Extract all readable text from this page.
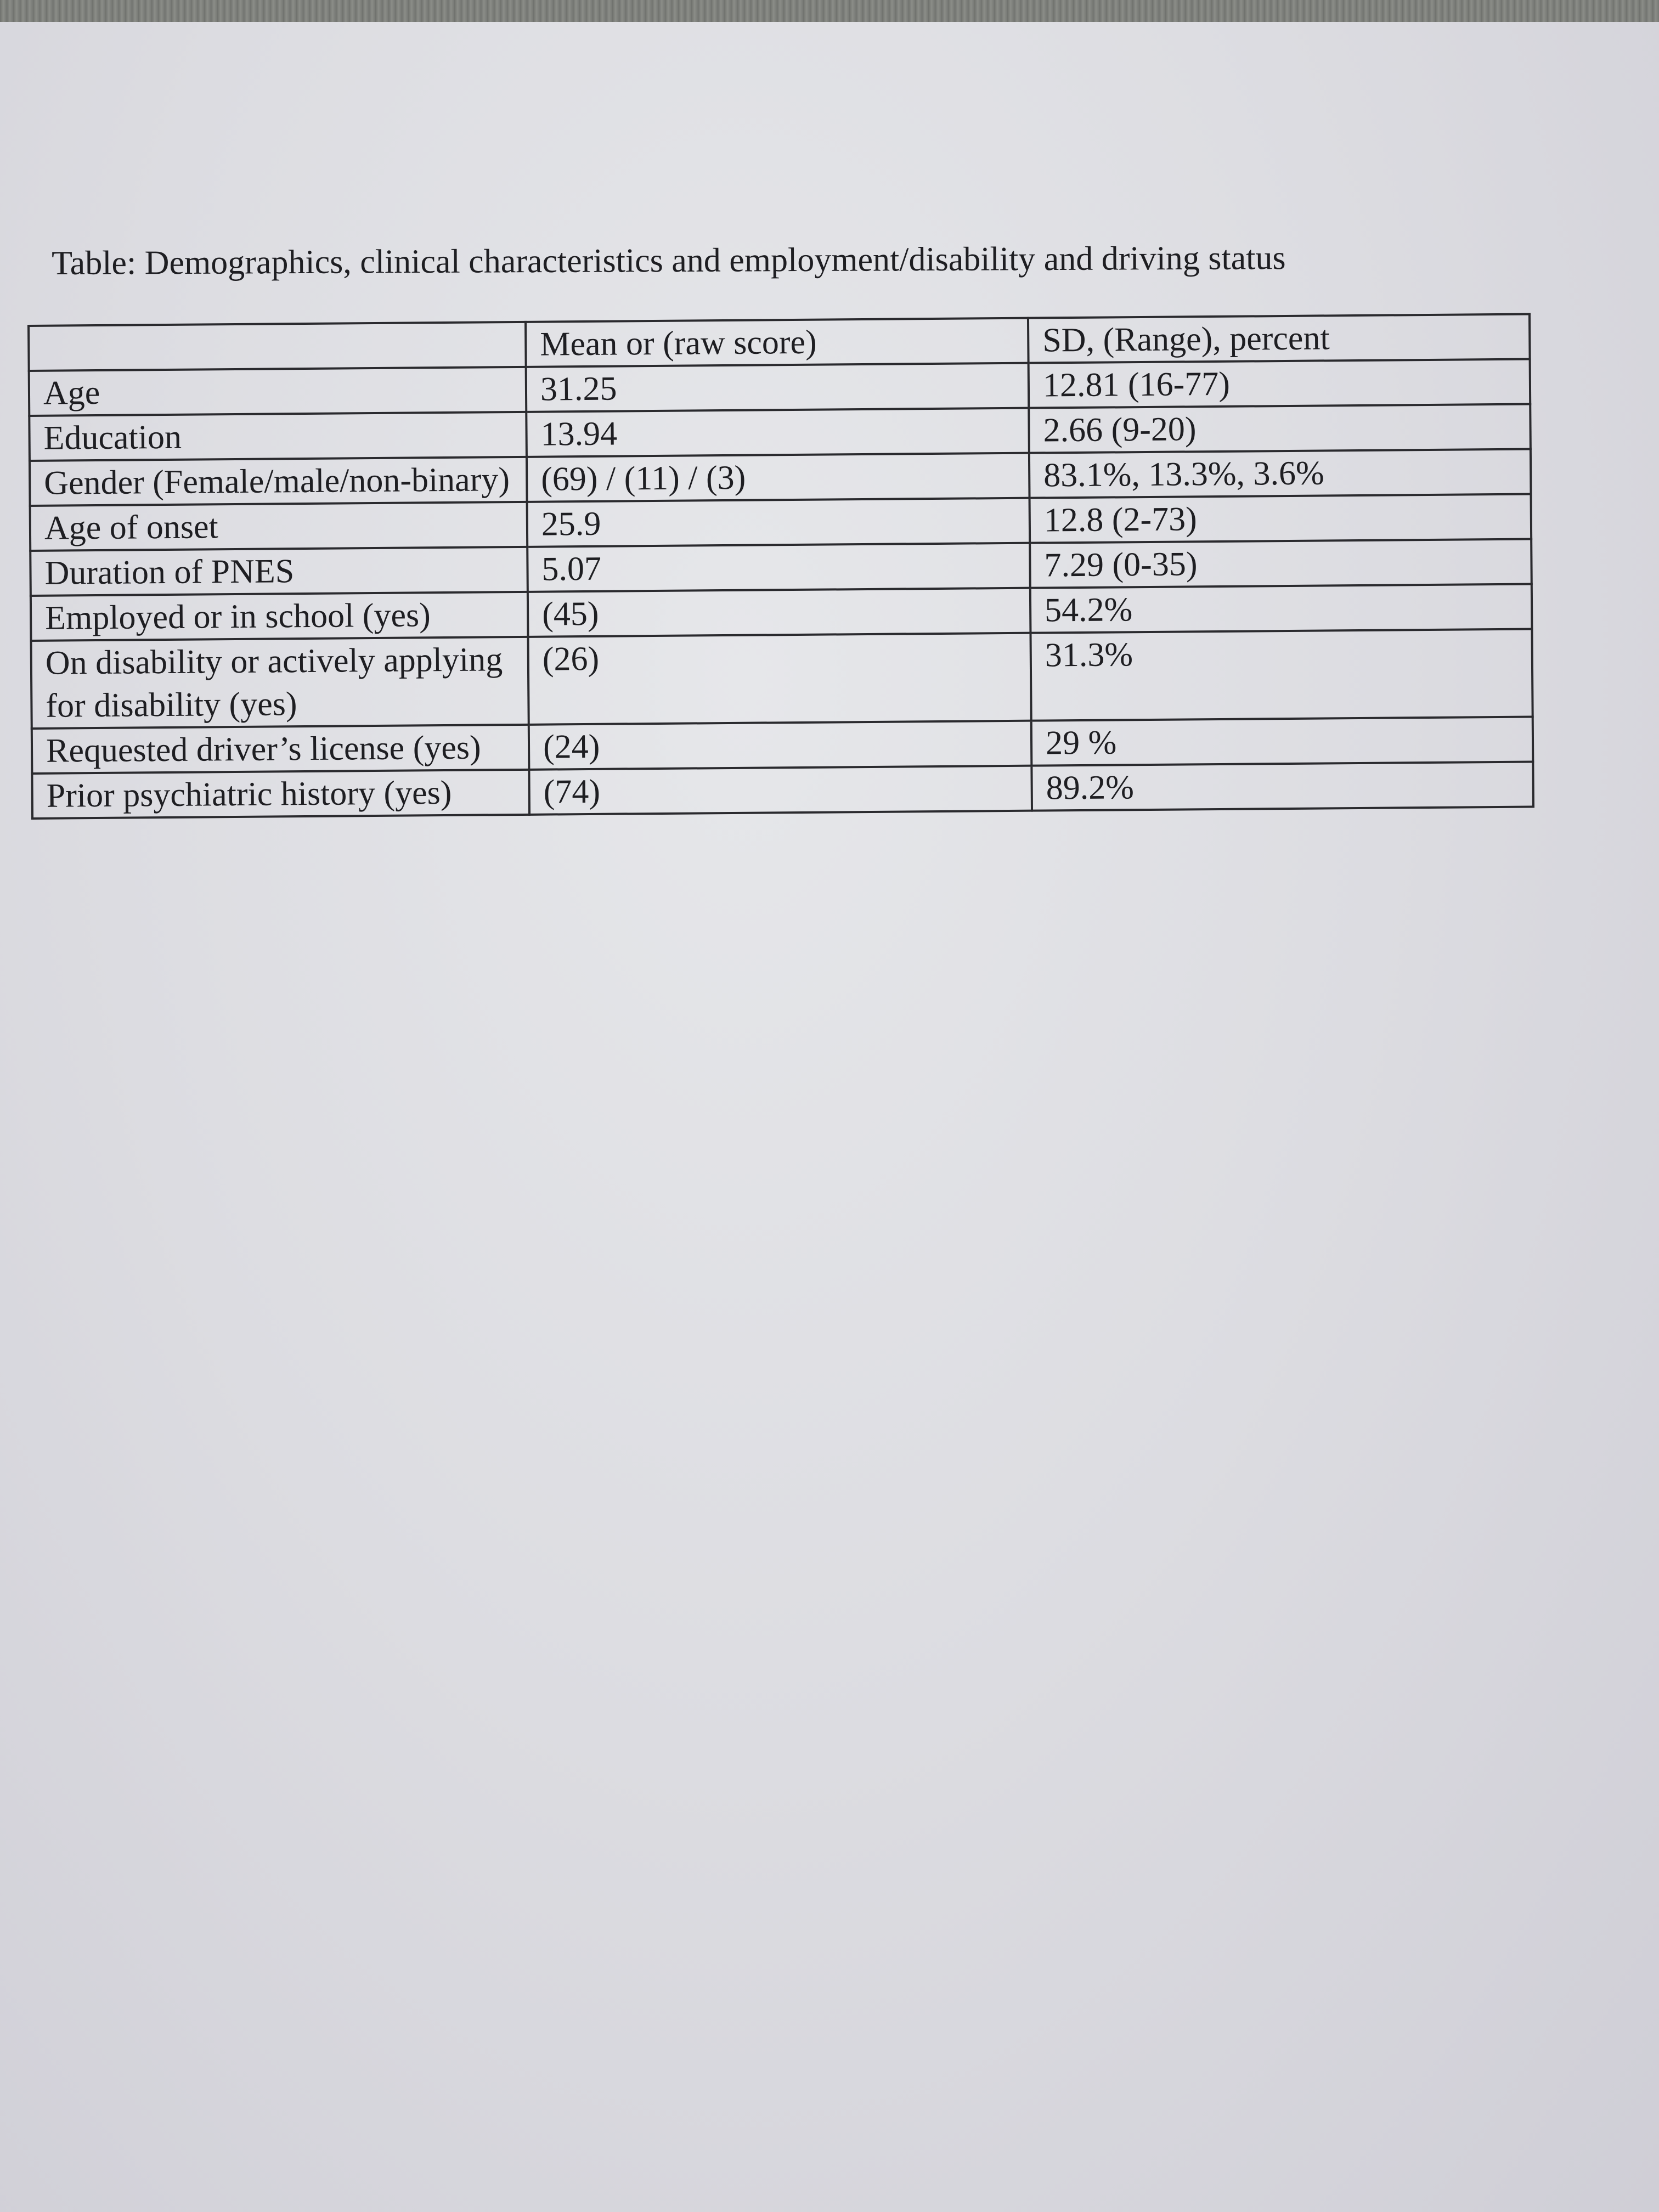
Table: Demographics, clinical characteristics and employment/disability and driving status
	Mean or (raw score)	SD, (Range), percent
Age	31.25	12.81 (16-77)
Education	13.94	2.66 (9-20)
Gender (Female/male/non-binary)	(69) / (11) / (3)	83.1%, 13.3%, 3.6%
Age of onset	25.9	12.8 (2-73)
Duration of PNES	5.07	7.29 (0-35)
Employed or in school (yes)	(45)	54.2%
On disability or actively applying for disability (yes)	(26)	31.3%
Requested driver’s license (yes)	(24)	29 %
Prior psychiatric history (yes)	(74)	89.2%
